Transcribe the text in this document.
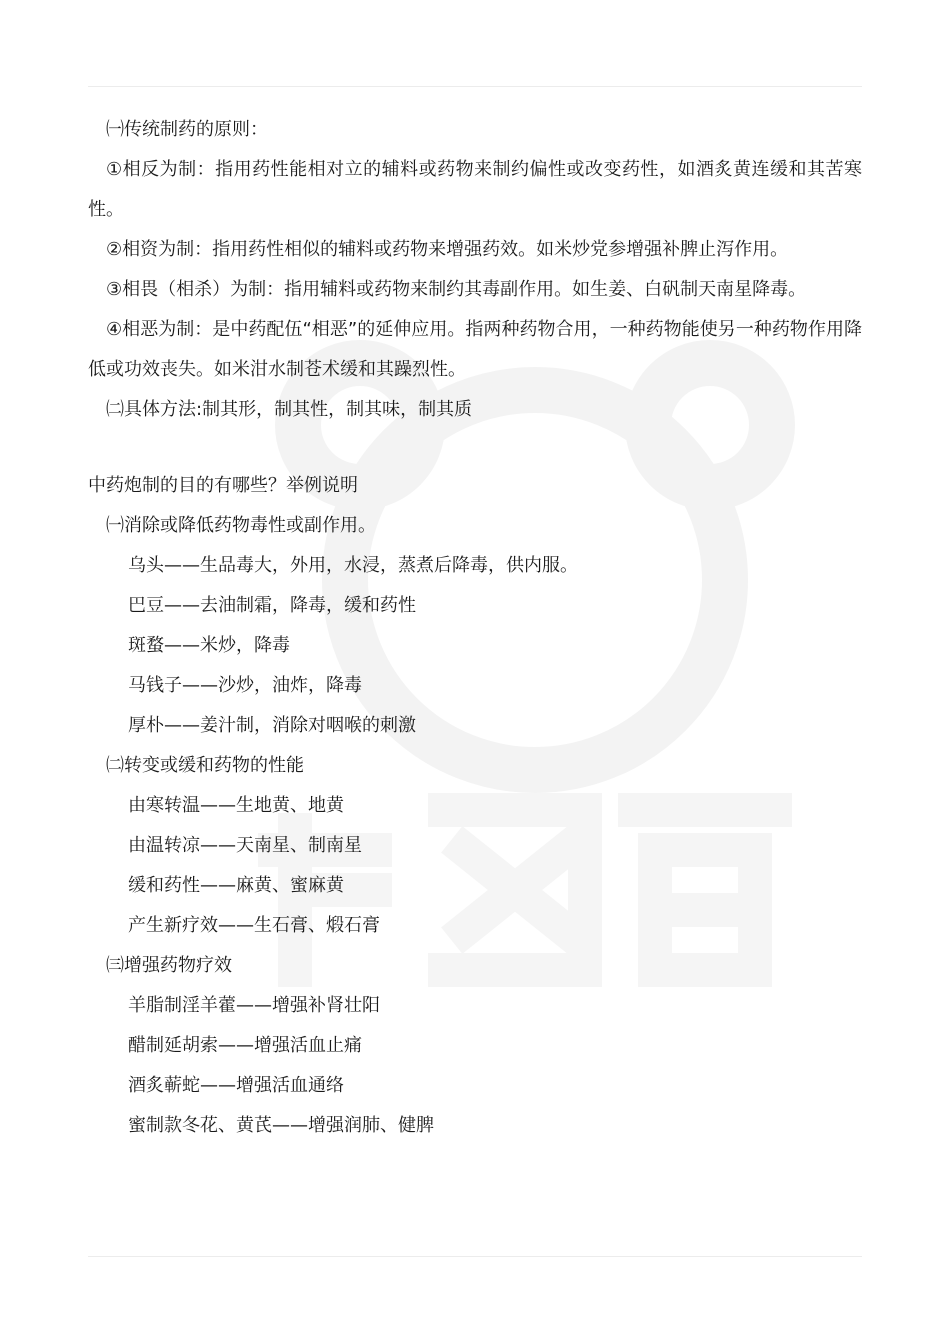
㈠传统制药的原则：

①相反为制：指用药性能相对立的辅料或药物来制约偏性或改变药性，如酒炙黄连缓和其苦寒性。

②相资为制：指用药性相似的辅料或药物来增强药效。如米炒党参增强补脾止泻作用。

③相畏（相杀）为制：指用辅料或药物来制约其毒副作用。如生姜、白矾制天南星降毒。

④相恶为制：是中药配伍“相恶”的延伸应用。指两种药物合用，一种药物能使另一种药物作用降低或功效丧失。如米泔水制苍术缓和其躁烈性。

㈡具体方法:制其形，制其性，制其味，制其质
中药炮制的目的有哪些？举例说明
㈠消除或降低药物毒性或副作用。
乌头——生品毒大，外用，水浸，蒸煮后降毒，供内服。
巴豆——去油制霜，降毒，缓和药性
斑蝥——米炒，降毒
马钱子——沙炒，油炸，降毒
厚朴——姜汁制，消除对咽喉的刺激
㈡转变或缓和药物的性能
由寒转温——生地黄、地黄
由温转凉——天南星、制南星
缓和药性——麻黄、蜜麻黄
产生新疗效——生石膏、煅石膏
㈢增强药物疗效
羊脂制淫羊藿——增强补肾壮阳
醋制延胡索——增强活血止痛
酒炙蕲蛇——增强活血通络
蜜制款冬花、黄芪——增强润肺、健脾
